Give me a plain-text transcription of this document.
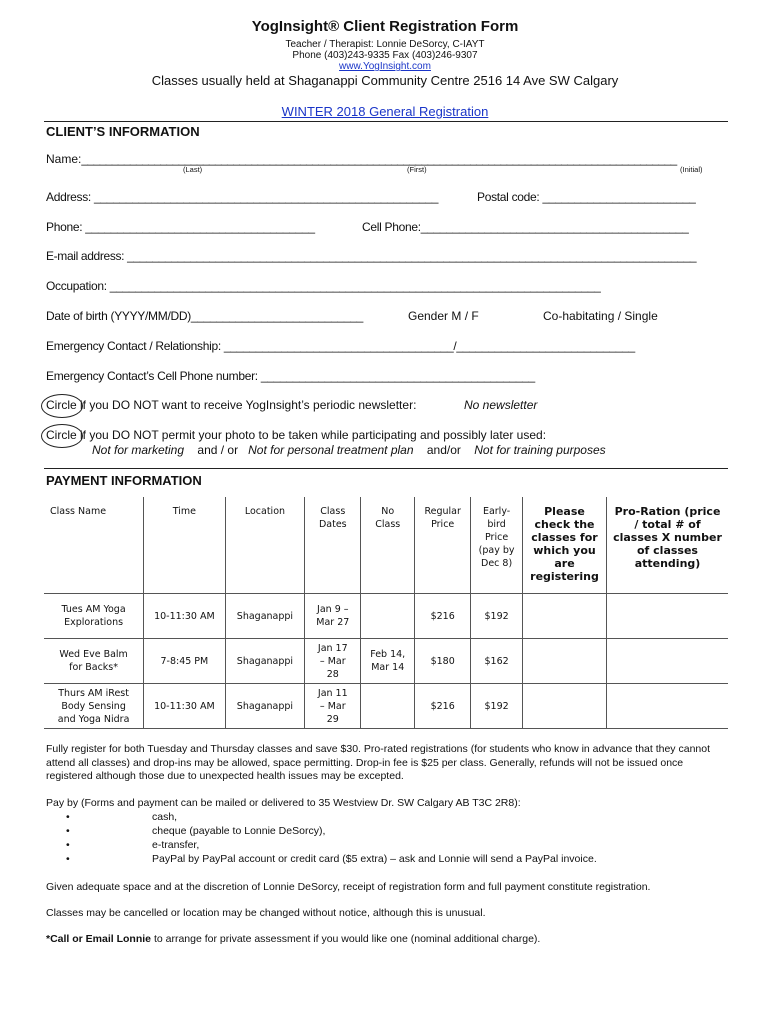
YogInsight® Client Registration Form
Teacher / Therapist: Lonnie DeSorcy, C-IAYT
Phone (403)243-9335 Fax (403)246-9307
www.YogInsight.com
Classes usually held at Shaganappi Community Centre 2516 14 Ave SW Calgary
WINTER 2018 General Registration
CLIENT’S INFORMATION
Name:__________________________________________________________________________________________________
(Last)	(First)	(Initial)
Address: ______________________________________________________	Postal code: ________________________
Phone: ____________________________________	Cell Phone:__________________________________________
E-mail address: __________________________________________________________________________________________
Occupation: _____________________________________________________________________________
Date of birth (YYYY/MM/DD)___________________________	Gender M / F	Co-habitating / Single
Emergency Contact / Relationship: ____________________________________/____________________________
Emergency Contact’s Cell Phone number: ___________________________________________
Circle if you DO NOT want to receive YogInsight’s periodic newsletter:	No newsletter
Circle if you DO NOT permit your photo to be taken while participating and possibly later used:
Not for marketing and / or Not for personal treatment plan and/or Not for training purposes
PAYMENT INFORMATION
Class Name	Time	Location	Class Dates	No Class	Regular Price	Early-bird Price (pay by Dec 8)	Please check the classes for which you are registering	Pro-Ration (price / total # of classes X number of classes attending)
Tues AM Yoga Explorations	10-11:30 AM	Shaganappi	Jan 9 – Mar 27		$216	$192		
Wed Eve Balm for Backs*	7-8:45 PM	Shaganappi	Jan 17 – Mar 28	Feb 14, Mar 14	$180	$162		
Thurs AM iRest Body Sensing and Yoga Nidra	10-11:30 AM	Shaganappi	Jan 11 – Mar 29		$216	$192		
Fully register for both Tuesday and Thursday classes and save $30. Pro-rated registrations (for students who know in advance that they cannot attend all classes) and drop-ins may be allowed, space permitting. Drop-in fee is $25 per class. Generally, refunds will not be issued once registered although those due to unexpected health issues may be excepted.
Pay by (Forms and payment can be mailed or delivered to 35 Westview Dr. SW Calgary AB T3C 2R8):
•	cash,
•	cheque (payable to Lonnie DeSorcy),
•	e-transfer,
•	PayPal by PayPal account or credit card ($5 extra) – ask and Lonnie will send a PayPal invoice.
Given adequate space and at the discretion of Lonnie DeSorcy, receipt of registration form and full payment constitute registration.
Classes may be cancelled or location may be changed without notice, although this is unusual.
*Call or Email Lonnie to arrange for private assessment if you would like one (nominal additional charge).
